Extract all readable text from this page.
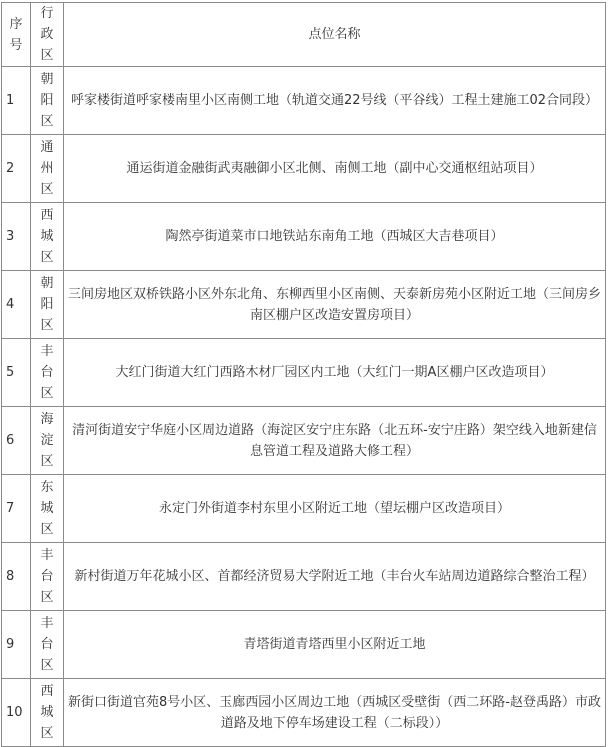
序号	行政区	点位名称
1	朝阳区	呼家楼街道呼家楼南里小区南侧工地（轨道交通22号线（平谷线）工程土建施工02合同段）
2	通州区	通运街道金融街武夷融御小区北侧、南侧工地（副中心交通枢纽站项目）
3	西城区	陶然亭街道菜市口地铁站东南角工地（西城区大吉巷项目）
4	朝阳区	三间房地区双桥铁路小区外东北角、东柳西里小区南侧、天泰新房苑小区附近工地（三间房乡南区棚户区改造安置房项目）
5	丰台区	大红门街道大红门西路木材厂园区内工地（大红门一期A区棚户区改造项目）
6	海淀区	清河街道安宁华庭小区周边道路（海淀区安宁庄东路（北五环-安宁庄路）架空线入地新建信息管道工程及道路大修工程）
7	东城区	永定门外街道李村东里小区附近工地（望坛棚户区改造项目）
8	丰台区	新村街道万年花城小区、首都经济贸易大学附近工地（丰台火车站周边道路综合整治工程）
9	丰台区	青塔街道青塔西里小区附近工地
10	西城区	新街口街道官苑8号小区、玉廊西园小区周边工地（西城区受壁街（西二环路-赵登禹路）市政道路及地下停车场建设工程（二标段））
